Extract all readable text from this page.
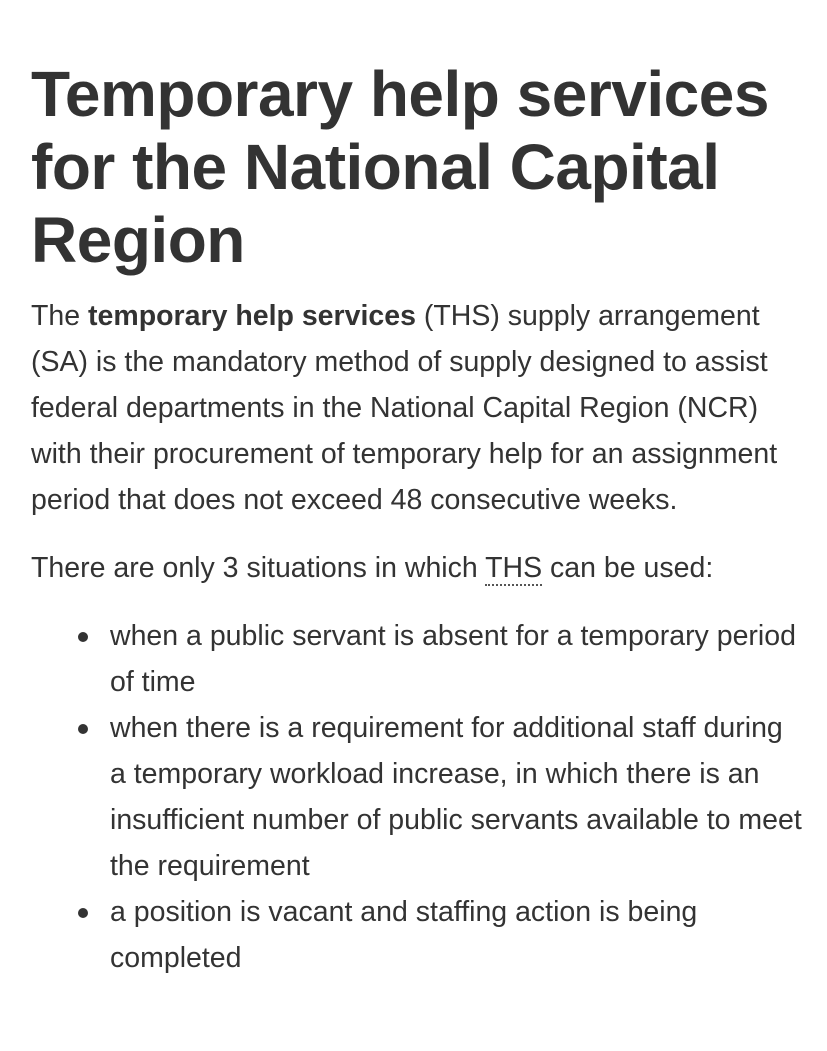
Temporary help services for the National Capital Region

The temporary help services (THS) supply arrangement (SA) is the mandatory method of supply designed to assist federal departments in the National Capital Region (NCR) with their procurement of temporary help for an assignment period that does not exceed 48 consecutive weeks.

There are only 3 situations in which THS can be used:

when a public servant is absent for a temporary period of time
when there is a requirement for additional staff during a temporary workload increase, in which there is an insufficient number of public servants available to meet the requirement
a position is vacant and staffing action is being completed
